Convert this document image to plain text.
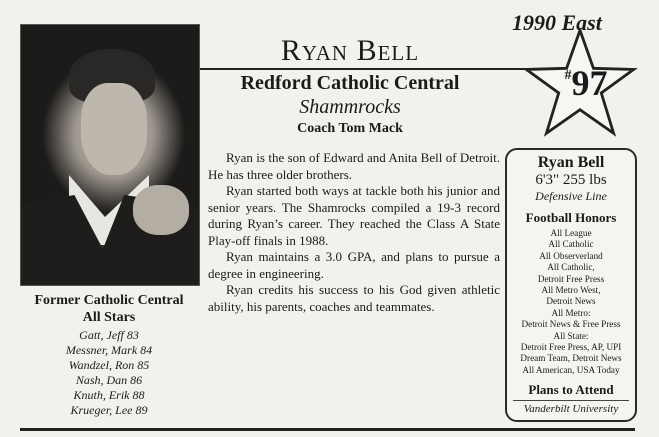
Ryan Bell
Redford Catholic Central
Shammrocks
Coach Tom Mack
1990 East
#97

Ryan is the son of Edward and Anita Bell of Detroit. He has three older brothers.

Ryan started both ways at tackle both his junior and senior years. The Shamrocks compiled a 19-3 record during Ryan’s career. They reached the Class A State Play-off finals in 1988.

Ryan maintains a 3.0 GPA, and plans to pursue a degree in engineering.

Ryan credits his success to his God given athletic ability, his parents, coaches and teammates.

Ryan Bell
6'3" 255 lbs
Defensive Line
Football Honors
All League
All Catholic
All Observerland
All Catholic,
Detroit Free Press
All Metro West,
Detroit News
All Metro:
Detroit News & Free Press
All State:
Detroit Free Press, AP, UPI
Dream Team, Detroit News
All American, USA Today
Plans to Attend
Vanderbilt University
Former Catholic Central
All Stars
Gatt, Jeff 83
Messner, Mark 84
Wandzel, Ron 85
Nash, Dan 86
Knuth, Erik 88
Krueger, Lee 89
